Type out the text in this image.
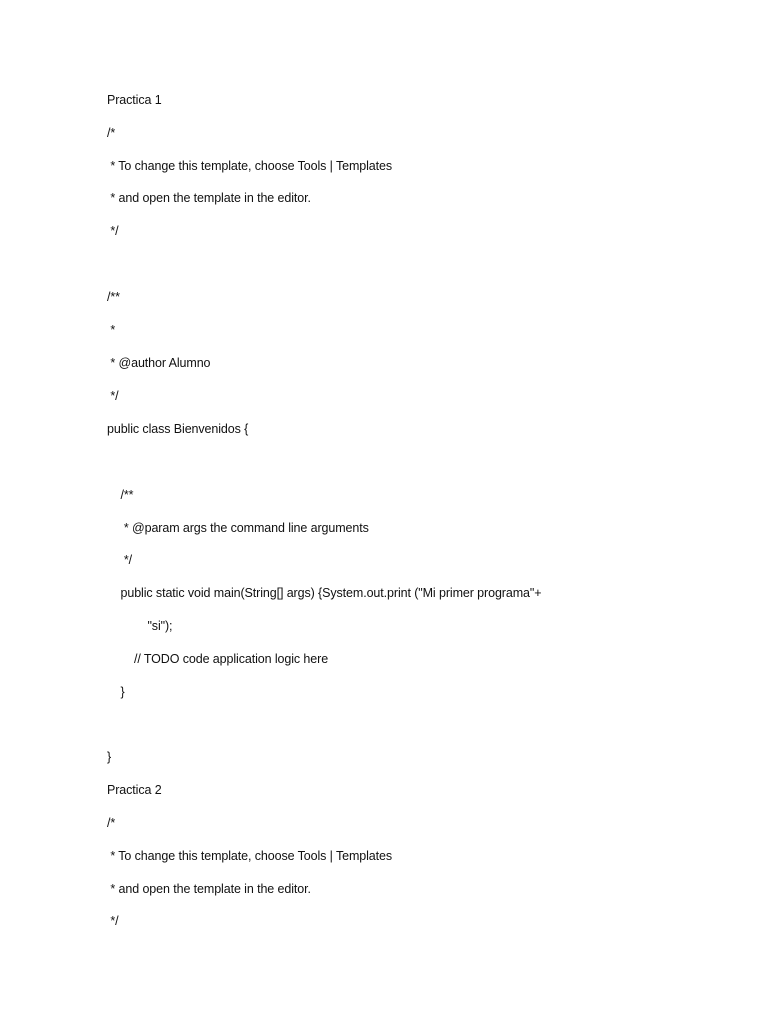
Practica 1
/*
* To change this template, choose Tools | Templates
* and open the template in the editor.
*/
/**
*
* @author Alumno
*/
public class Bienvenidos {
/**
* @param args the command line arguments
*/
public static void main(String[] args) {System.out.print ("Mi primer programa"+
"si");
// TODO code application logic here
}
}
Practica 2
/*
* To change this template, choose Tools | Templates
* and open the template in the editor.
*/
